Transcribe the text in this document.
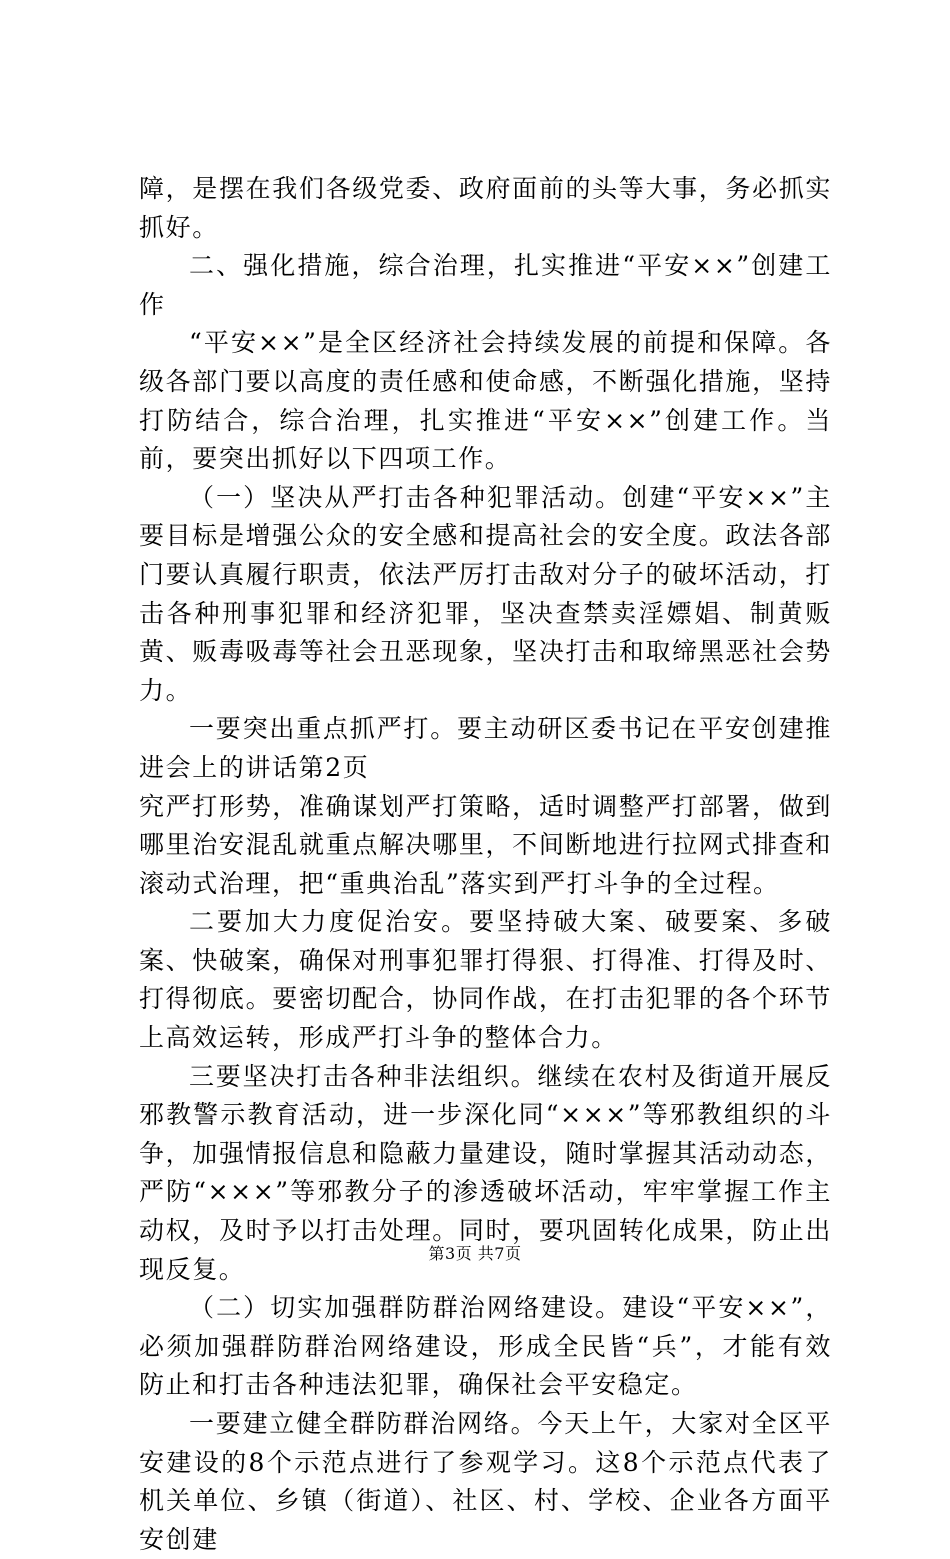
障，是摆在我们各级党委、政府面前的头等大事，务必抓实抓好。

二、强化措施，综合治理，扎实推进“平安××”创建工作

“平安××”是全区经济社会持续发展的前提和保障。各级各部门要以高度的责任感和使命感，不断强化措施，坚持打防结合，综合治理，扎实推进“平安××”创建工作。当前，要突出抓好以下四项工作。

（一）坚决从严打击各种犯罪活动。创建“平安××”主要目标是增强公众的安全感和提高社会的安全度。政法各部门要认真履行职责，依法严厉打击敌对分子的破坏活动，打击各种刑事犯罪和经济犯罪，坚决查禁卖淫嫖娼、制黄贩黄、贩毒吸毒等社会丑恶现象，坚决打击和取缔黑恶社会势力。

一要突出重点抓严打。要主动研区委书记在平安创建推进会上的讲话第2页

究严打形势，准确谋划严打策略，适时调整严打部署，做到哪里治安混乱就重点解决哪里，不间断地进行拉网式排查和滚动式治理，把“重典治乱”落实到严打斗争的全过程。

二要加大力度促治安。要坚持破大案、破要案、多破案、快破案，确保对刑事犯罪打得狠、打得准、打得及时、打得彻底。要密切配合，协同作战，在打击犯罪的各个环节上高效运转，形成严打斗争的整体合力。

三要坚决打击各种非法组织。继续在农村及街道开展反邪教警示教育活动，进一步深化同“×××”等邪教组织的斗争，加强情报信息和隐蔽力量建设，随时掌握其活动动态，严防“×××”等邪教分子的渗透破坏活动，牢牢掌握工作主动权，及时予以打击处理。同时，要巩固转化成果，防止出现反复。

（二）切实加强群防群治网络建设。建设“平安××”，必须加强群防群治网络建设，形成全民皆“兵”，才能有效防止和打击各种违法犯罪，确保社会平安稳定。

一要建立健全群防群治网络。今天上午，大家对全区平安建设的8个示范点进行了参观学习。这8个示范点代表了机关单位、乡镇（街道）、社区、村、学校、企业各方面平安创建

第3页 共7页
